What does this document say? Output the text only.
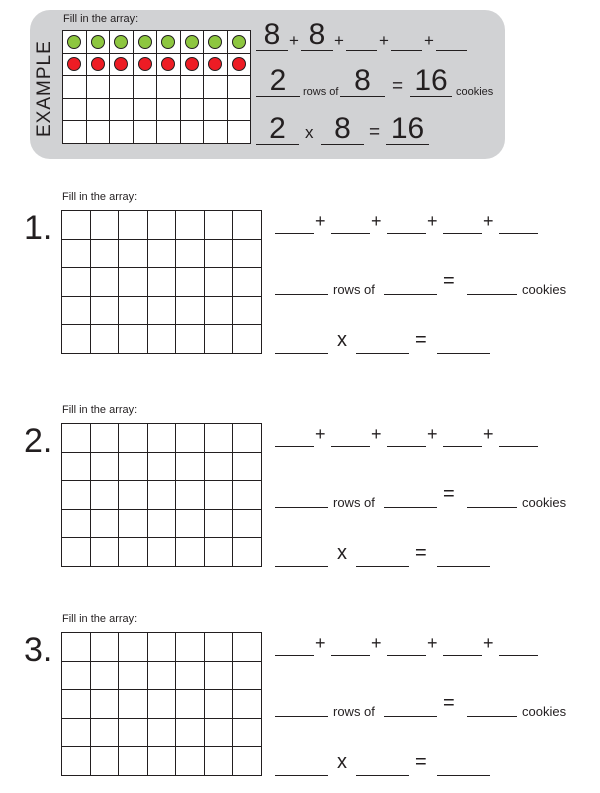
EXAMPLE
Fill in the array:

								8 + 8 + + +
2	rows of 8	= 16 cookies
2	x 8 = 16
Fill in the array:
1.

							+	+	+	+
rows of	=	cookies
x	=
Fill in the array:
2.

							+	+	+	+
rows of	=	cookies
x	=
Fill in the array:
3.

							+	+	+	+
rows of	=	cookies
x	=
